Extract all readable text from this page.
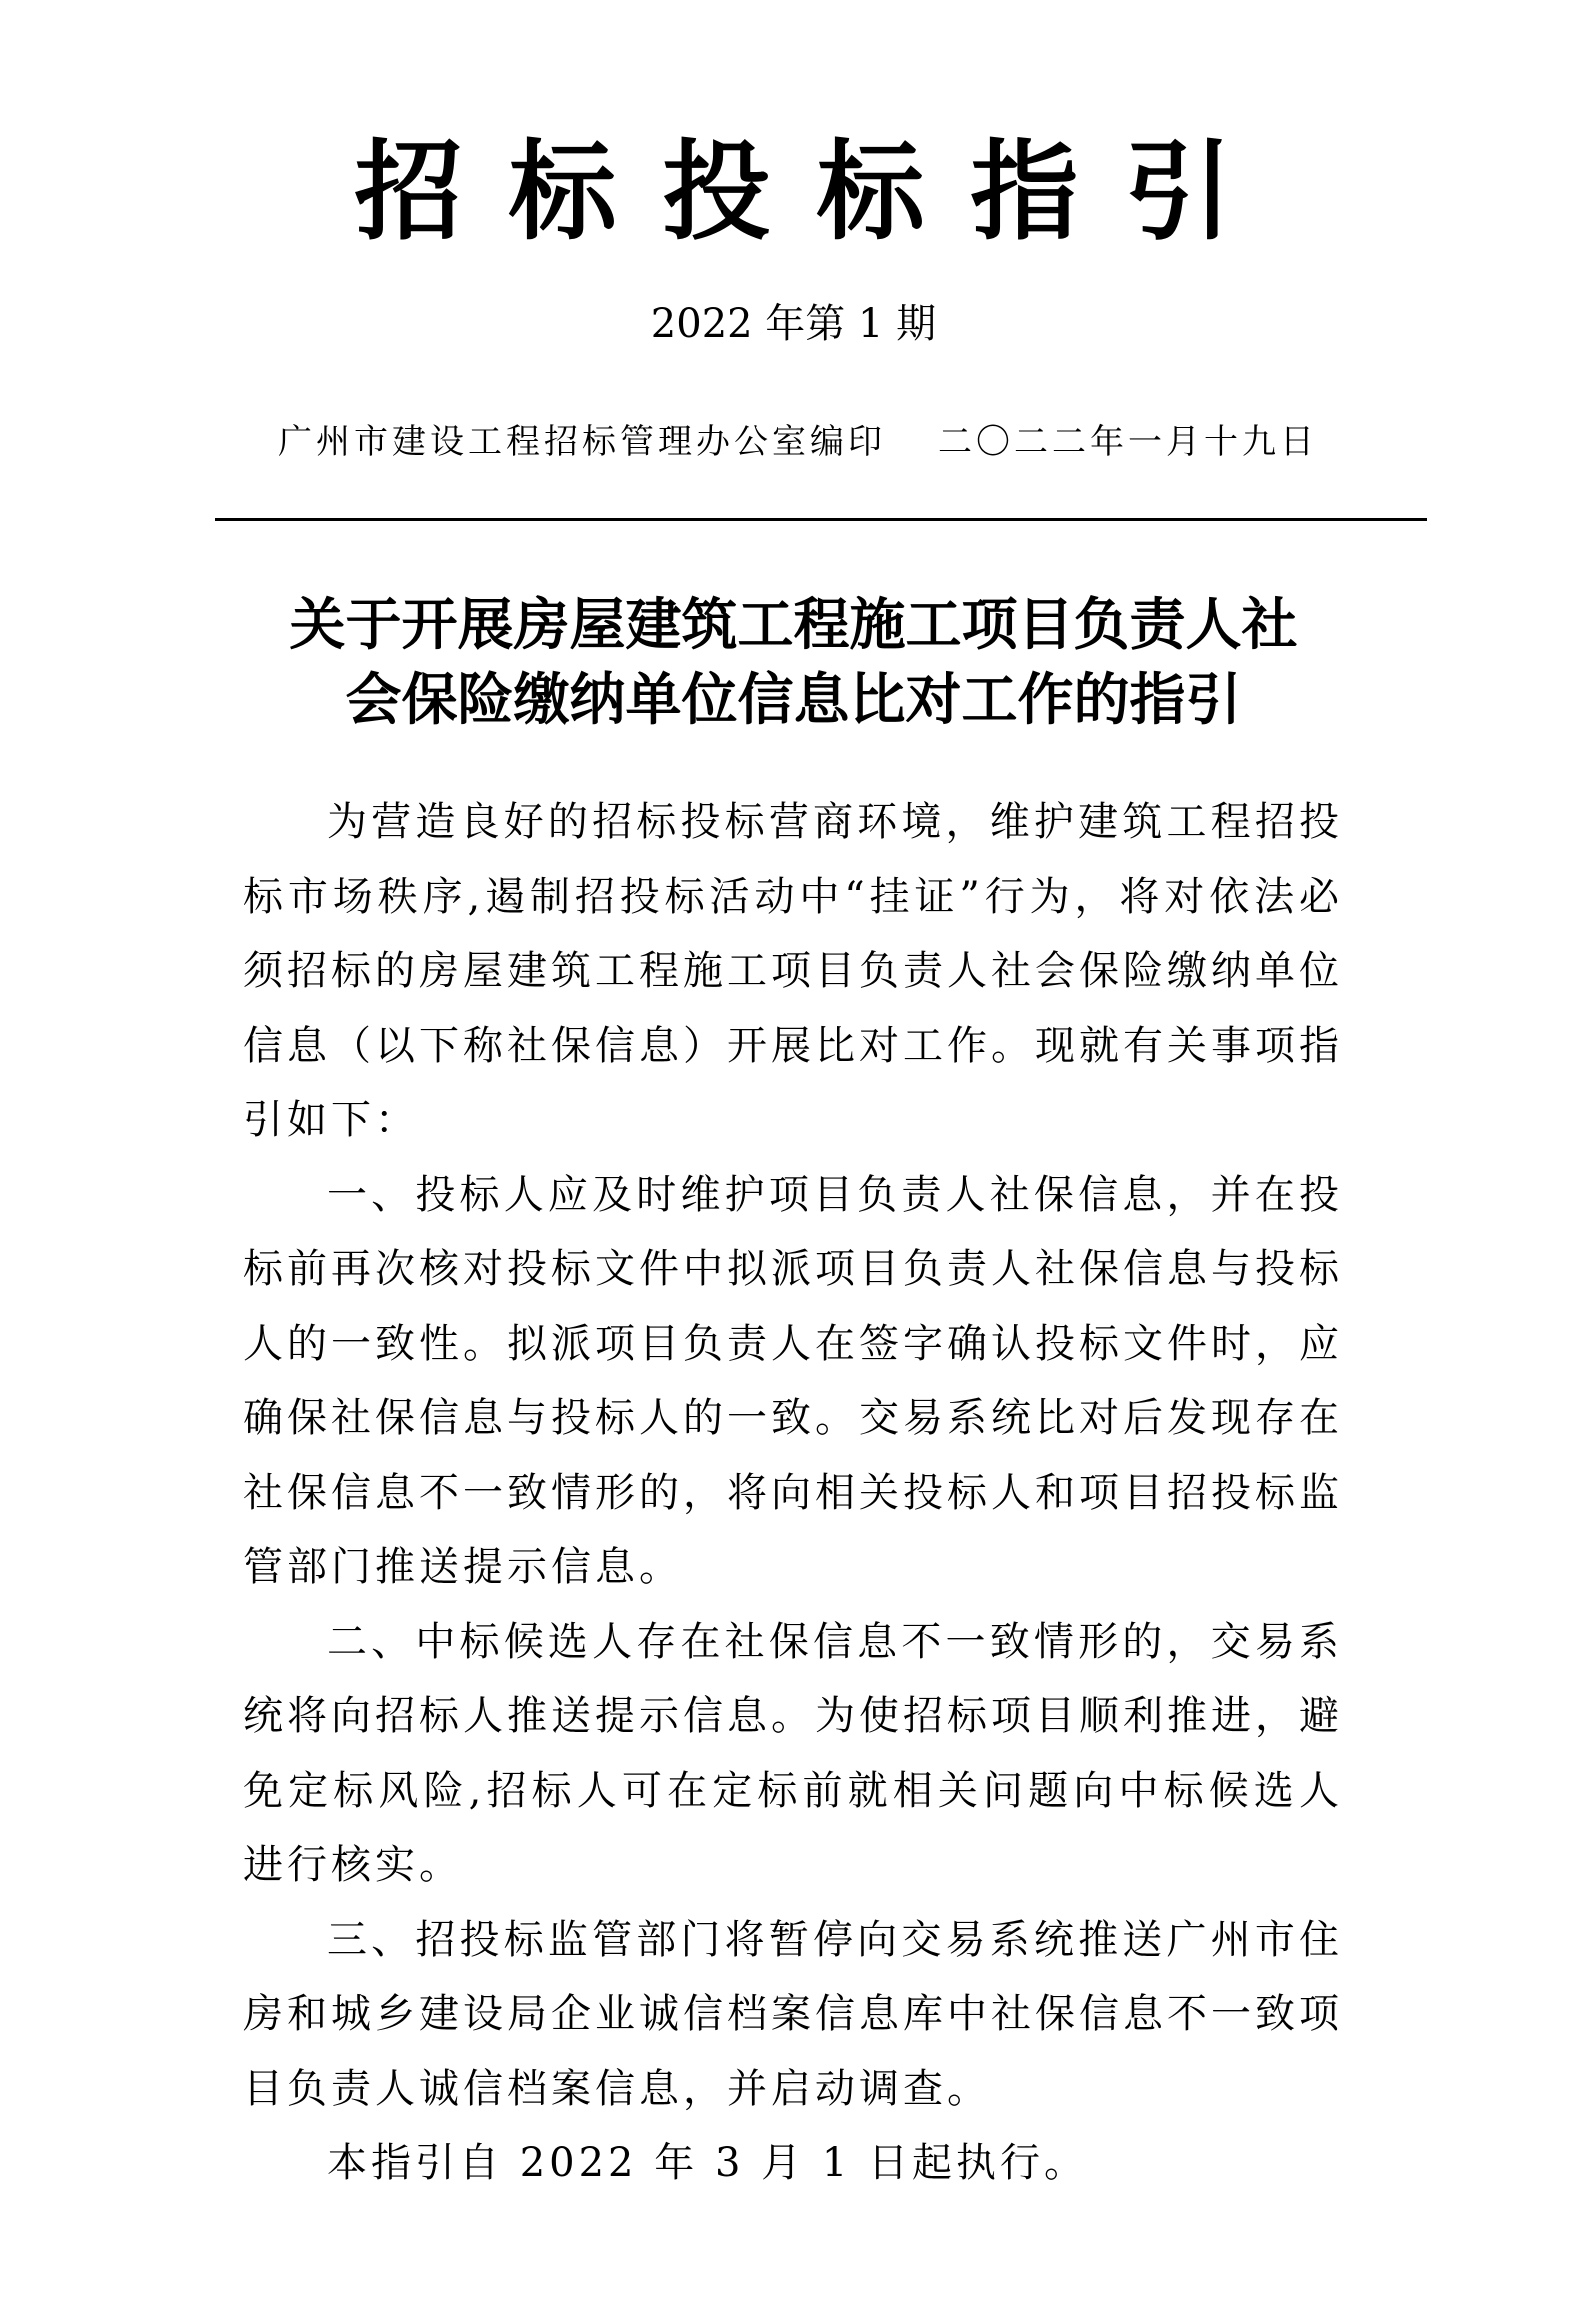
招标投标指引
2022 年第 1 期
广州市建设工程招标管理办公室编印 二〇二二年一月十九日
关于开展房屋建筑工程施工项目负责人社
会保险缴纳单位信息比对工作的指引

为营造良好的招标投标营商环境，维护建筑工程招投标市场秩序,遏制招投标活动中“挂证”行为，将对依法必须招标的房屋建筑工程施工项目负责人社会保险缴纳单位信息（以下称社保信息）开展比对工作。现就有关事项指引如下：

一、投标人应及时维护项目负责人社保信息，并在投标前再次核对投标文件中拟派项目负责人社保信息与投标人的一致性。拟派项目负责人在签字确认投标文件时，应确保社保信息与投标人的一致。交易系统比对后发现存在社保信息不一致情形的，将向相关投标人和项目招投标监管部门推送提示信息。

二、中标候选人存在社保信息不一致情形的，交易系统将向招标人推送提示信息。为使招标项目顺利推进，避免定标风险,招标人可在定标前就相关问题向中标候选人进行核实。

三、招投标监管部门将暂停向交易系统推送广州市住房和城乡建设局企业诚信档案信息库中社保信息不一致项目负责人诚信档案信息，并启动调查。

本指引自 2022 年 3 月 1 日起执行。
